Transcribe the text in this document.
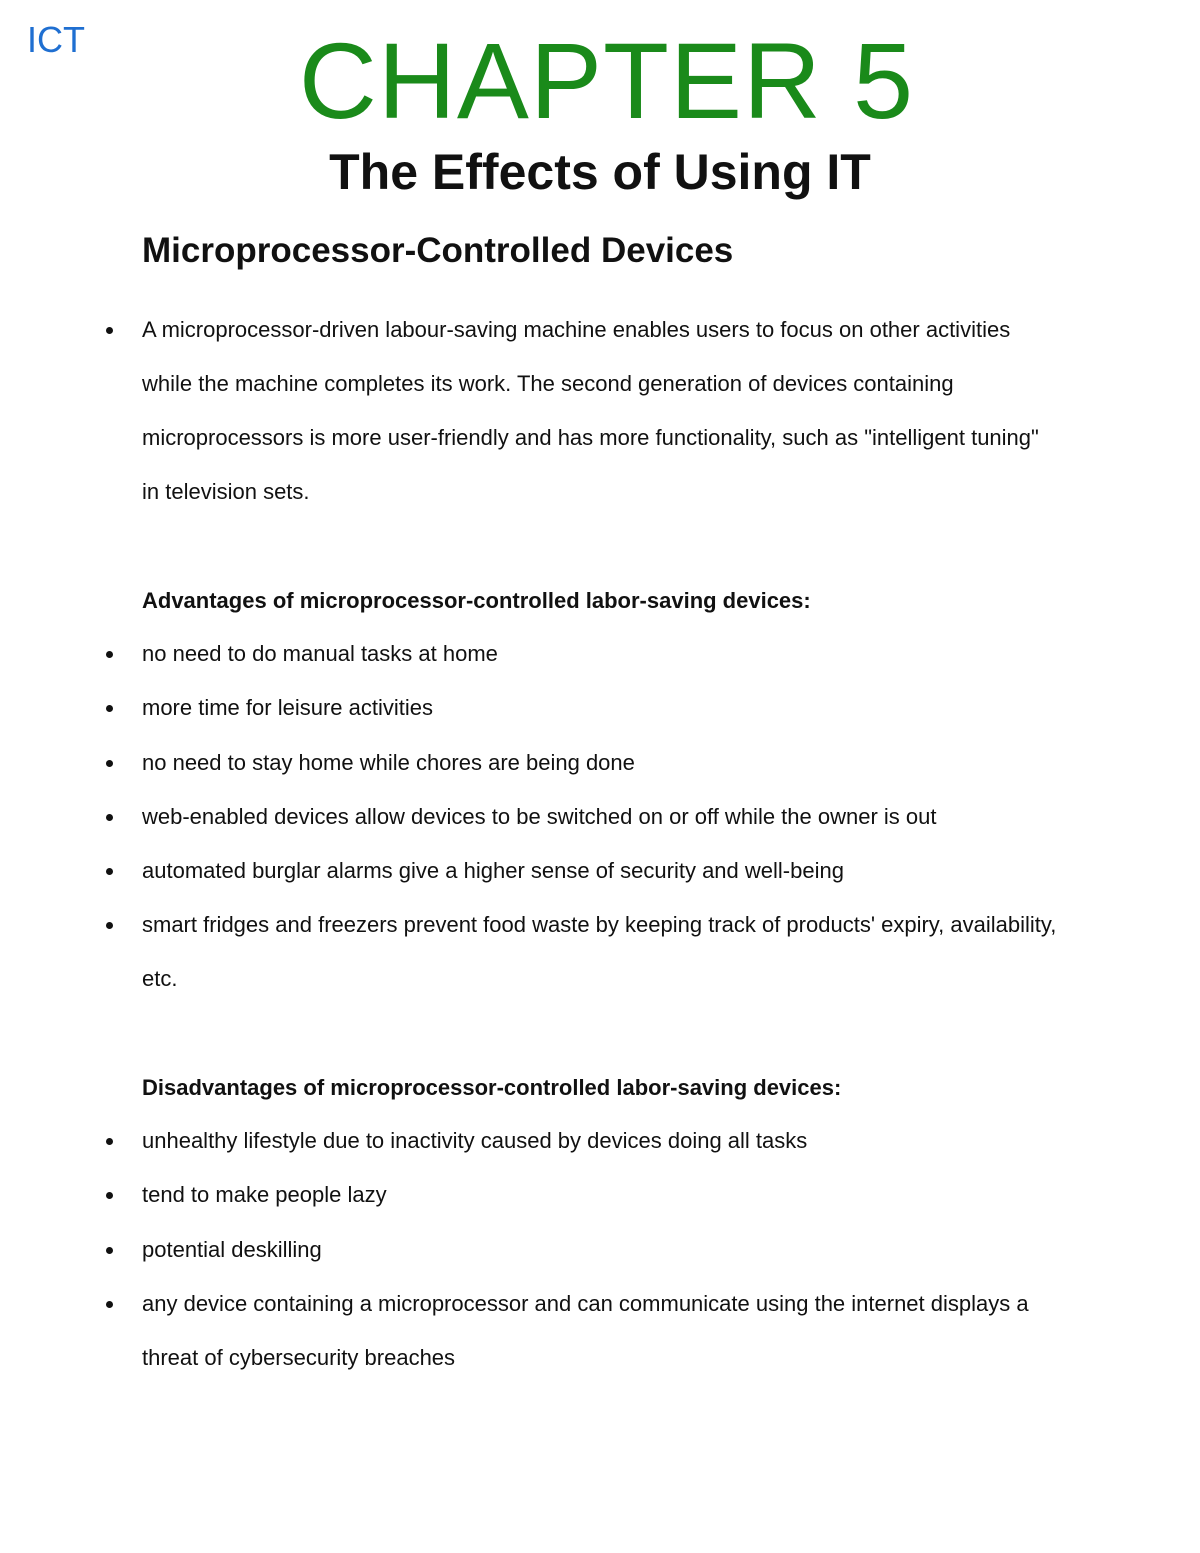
ICT	CHAPTER 5
The Effects of Using IT
Microprocessor-Controlled Devices
A microprocessor-driven labour-saving machine enables users to focus on other activities while the machine completes its work. The second generation of devices containing microprocessors is more user-friendly and has more functionality, such as "intelligent tuning" in television sets.
Advantages of microprocessor-controlled labor-saving devices:
no need to do manual tasks at home
more time for leisure activities
no need to stay home while chores are being done
web-enabled devices allow devices to be switched on or off while the owner is out
automated burglar alarms give a higher sense of security and well-being
smart fridges and freezers prevent food waste by keeping track of products' expiry, availability, etc.
Disadvantages of microprocessor-controlled labor-saving devices:
unhealthy lifestyle due to inactivity caused by devices doing all tasks
tend to make people lazy
potential deskilling
any device containing a microprocessor and can communicate using the internet displays a threat of cybersecurity breaches
